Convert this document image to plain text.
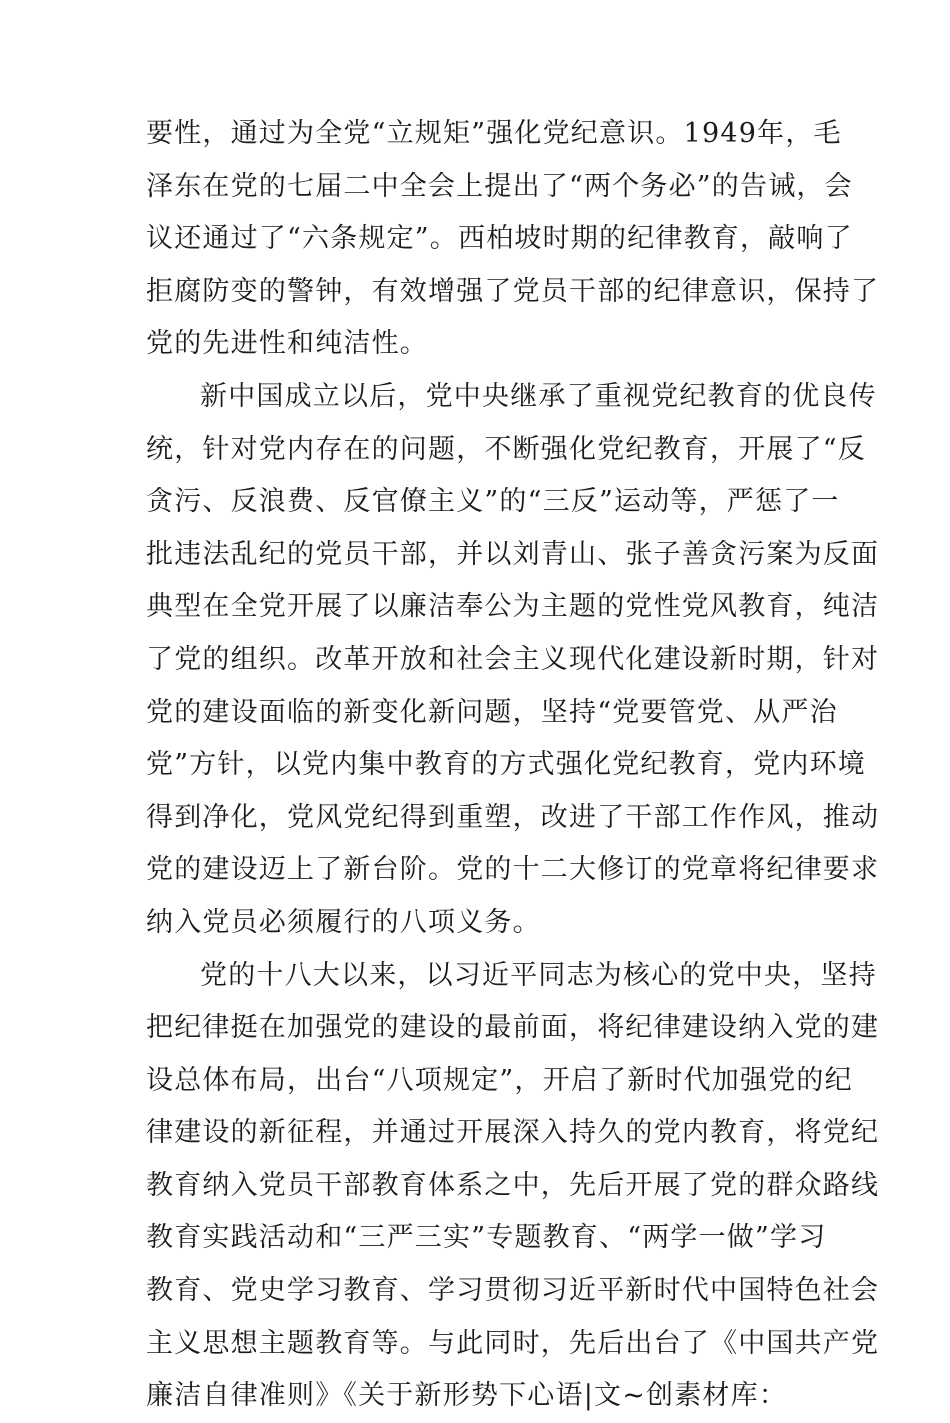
要性，通过为全党“立规矩”强化党纪意识。1949年，毛
泽东在党的七届二中全会上提出了“两个务必”的告诫，会
议还通过了“六条规定”。西柏坡时期的纪律教育，敲响了
拒腐防变的警钟，有效增强了党员干部的纪律意识，保持了
党的先进性和纯洁性。
新中国成立以后，党中央继承了重视党纪教育的优良传
统，针对党内存在的问题，不断强化党纪教育，开展了“反
贪污、反浪费、反官僚主义”的“三反”运动等，严惩了一
批违法乱纪的党员干部，并以刘青山、张子善贪污案为反面
典型在全党开展了以廉洁奉公为主题的党性党风教育，纯洁
了党的组织。改革开放和社会主义现代化建设新时期，针对
党的建设面临的新变化新问题，坚持“党要管党、从严治
党”方针，以党内集中教育的方式强化党纪教育，党内环境
得到净化，党风党纪得到重塑，改进了干部工作作风，推动
党的建设迈上了新台阶。党的十二大修订的党章将纪律要求
纳入党员必须履行的八项义务。
党的十八大以来，以习近平同志为核心的党中央，坚持
把纪律挺在加强党的建设的最前面，将纪律建设纳入党的建
设总体布局，出台“八项规定”，开启了新时代加强党的纪
律建设的新征程，并通过开展深入持久的党内教育，将党纪
教育纳入党员干部教育体系之中，先后开展了党的群众路线
教育实践活动和“三严三实”专题教育、“两学一做”学习
教育、党史学习教育、学习贯彻习近平新时代中国特色社会
主义思想主题教育等。与此同时，先后出台了《中国共产党
廉洁自律准则》《关于新形势下心语|文~创素材库：
